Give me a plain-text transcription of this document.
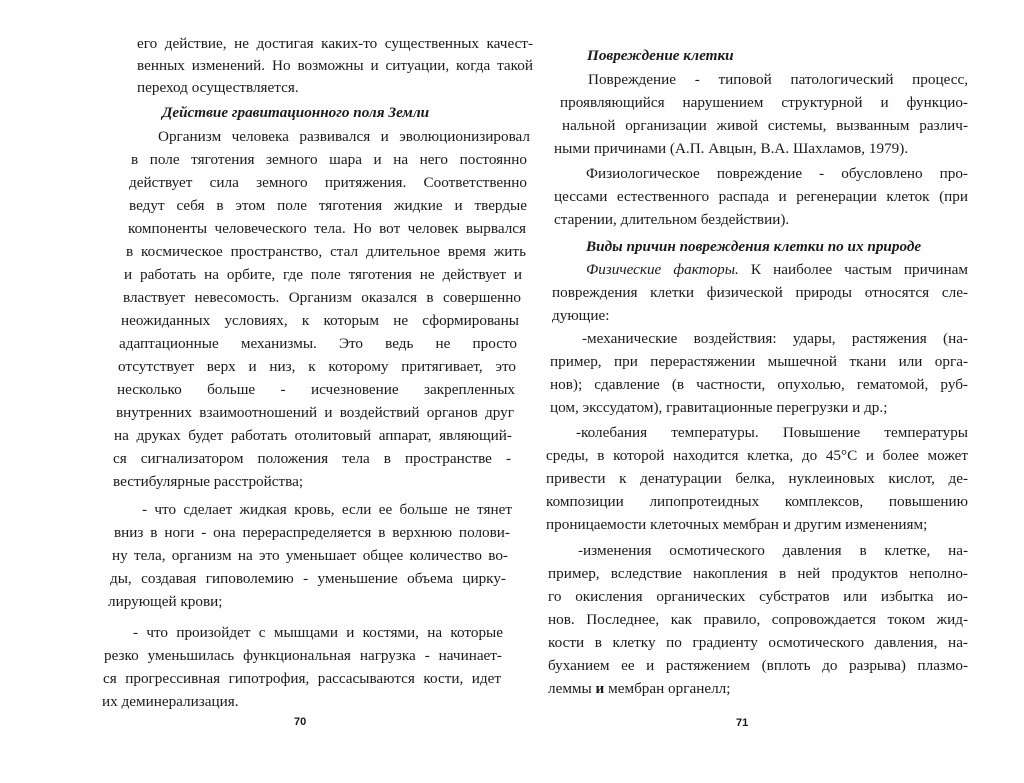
его действие, не достигая каких-то существенных качест-
венных изменений. Но возможны и ситуации, когда такой
переход осуществляется.
Действие гравитационного поля Земли
Организм человека развивался и эволюционизировал
в поле тяготения земного шара и на него постоянно
действует сила земного притяжения. Соответственно
ведут себя в этом поле тяготения жидкие и твердые
компоненты человеческого тела. Но вот человек вырвался
в космическое пространство, стал длительное время жить
и работать на орбите, где поле тяготения не действует и
властвует невесомость. Организм оказался в совершенно
неожиданных условиях, к которым не сформированы
адаптационные механизмы. Это ведь не просто
отсутствует верх и низ, к которому притягивает, это
несколько больше - исчезновение закрепленных
внутренних взаимоотношений и воздействий органов друг
на друках будет работать отолитовый аппарат, являющий-
ся сигнализатором положения тела в пространстве -
вестибулярные расстройства;
- что сделает жидкая кровь, если ее больше не тянет
вниз в ноги - она перераспределяется в верхнюю полови-
ну тела, организм на это уменьшает общее количество во-
ды, создавая гиповолемию - уменьшение объема цирку-
лирующей крови;
- что произойдет с мышцами и костями, на которые
резко уменьшилась функциональная нагрузка - начинает-
ся прогрессивная гипотрофия, рассасываются кости, идет
их деминерализация.
70
Повреждение клетки
Повреждение - типовой патологический процесс,
проявляющийся нарушением структурной и функцио-
нальной организации живой системы, вызванным различ-
ными причинами (А.П. Авцын, В.А. Шахламов, 1979).
Физиологическое повреждение - обусловлено про-
цессами естественного распада и регенерации клеток (при
старении, длительном бездействии).
Виды причин повреждения клетки по их природе
Физические факторы. К наиболее частым причинам
повреждения клетки физической природы относятся сле-
дующие:
-механические воздействия: удары, растяжения (на-
пример, при перерастяжении мышечной ткани или орга-
нов); сдавление (в частности, опухолью, гематомой, руб-
цом, экссудатом), гравитационные перегрузки и др.;
-колебания температуры. Повышение температуры
среды, в которой находится клетка, до 45°С и более может
привести к денатурации белка, нуклеиновых кислот, де-
композиции липопротеидных комплексов, повышению
проницаемости клеточных мембран и другим изменениям;
-изменения осмотического давления в клетке, на-
пример, вследствие накопления в ней продуктов неполно-
го окисления органических субстратов или избытка ио-
нов. Последнее, как правило, сопровождается током жид-
кости в клетку по градиенту осмотического давления, на-
буханием ее и растяжением (вплоть до разрыва) плазмо-
леммы и мембран органелл;
71
